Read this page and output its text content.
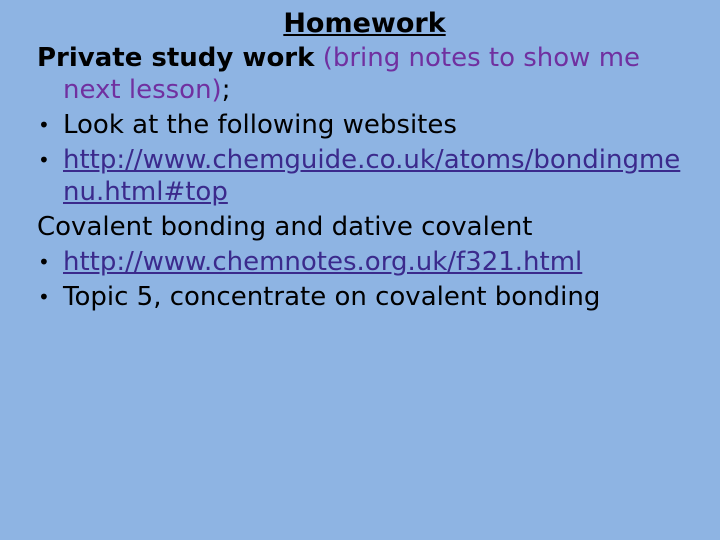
Homework
Private study work (bring notes to show me next lesson);
• Look at the following websites
• http://www.chemguide.co.uk/atoms/bondingmenu.html#top
Covalent bonding and dative covalent
• http://www.chemnotes.org.uk/f321.html
• Topic 5, concentrate on covalent bonding
